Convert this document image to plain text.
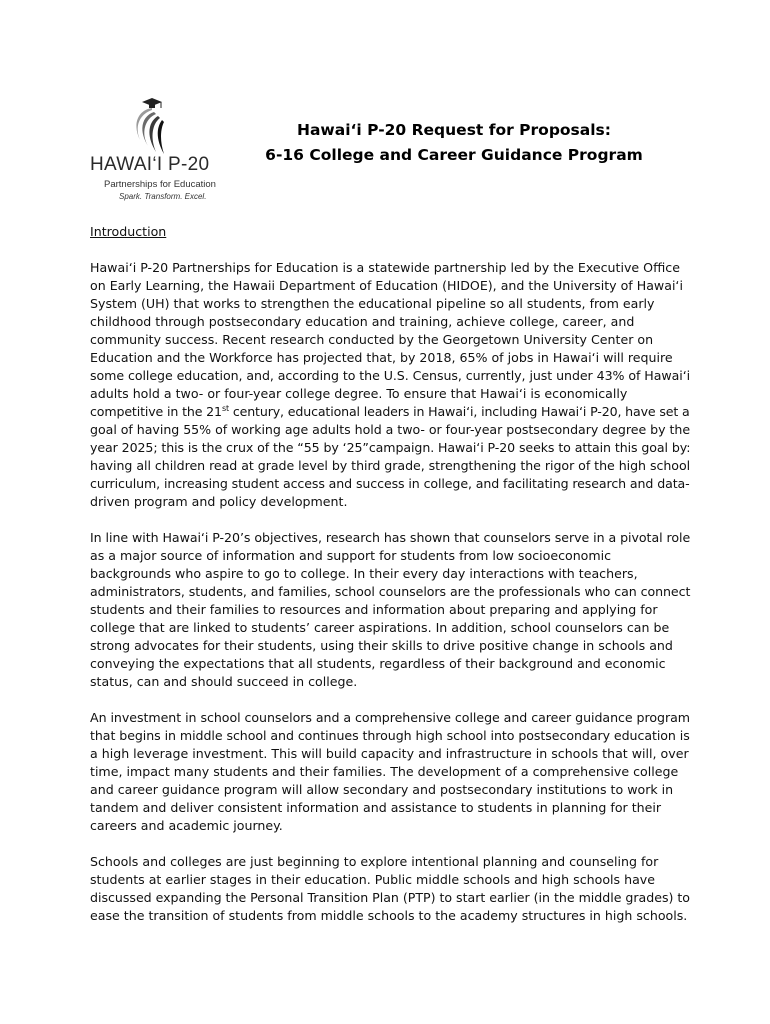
HAWAI‘I P-20
Partnerships for Education
Spark. Transform. Excel.
Hawai‘i P-20 Request for Proposals:
6-16 College and Career Guidance Program
Introduction
Hawai‘i P-20 Partnerships for Education is a statewide partnership led by the Executive Office
on Early Learning, the Hawaii Department of Education (HIDOE), and the University of Hawai‘i
System (UH) that works to strengthen the educational pipeline so all students, from early
childhood through postsecondary education and training, achieve college, career, and
community success. Recent research conducted by the Georgetown University Center on
Education and the Workforce has projected that, by 2018, 65% of jobs in Hawai‘i will require
some college education, and, according to the U.S. Census, currently, just under 43% of Hawai‘i
adults hold a two- or four-year college degree. To ensure that Hawai‘i is economically
competitive in the 21st century, educational leaders in Hawai‘i, including Hawai‘i P-20, have set a
goal of having 55% of working age adults hold a two- or four-year postsecondary degree by the
year 2025; this is the crux of the “55 by ‘25”campaign. Hawai‘i P-20 seeks to attain this goal by:
having all children read at grade level by third grade, strengthening the rigor of the high school
curriculum, increasing student access and success in college, and facilitating research and data-
driven program and policy development.
In line with Hawai‘i P-20’s objectives, research has shown that counselors serve in a pivotal role
as a major source of information and support for students from low socioeconomic
backgrounds who aspire to go to college. In their every day interactions with teachers,
administrators, students, and families, school counselors are the professionals who can connect
students and their families to resources and information about preparing and applying for
college that are linked to students’ career aspirations. In addition, school counselors can be
strong advocates for their students, using their skills to drive positive change in schools and
conveying the expectations that all students, regardless of their background and economic
status, can and should succeed in college.
An investment in school counselors and a comprehensive college and career guidance program
that begins in middle school and continues through high school into postsecondary education is
a high leverage investment. This will build capacity and infrastructure in schools that will, over
time, impact many students and their families. The development of a comprehensive college
and career guidance program will allow secondary and postsecondary institutions to work in
tandem and deliver consistent information and assistance to students in planning for their
careers and academic journey.
Schools and colleges are just beginning to explore intentional planning and counseling for
students at earlier stages in their education. Public middle schools and high schools have
discussed expanding the Personal Transition Plan (PTP) to start earlier (in the middle grades) to
ease the transition of students from middle schools to the academy structures in high schools.
